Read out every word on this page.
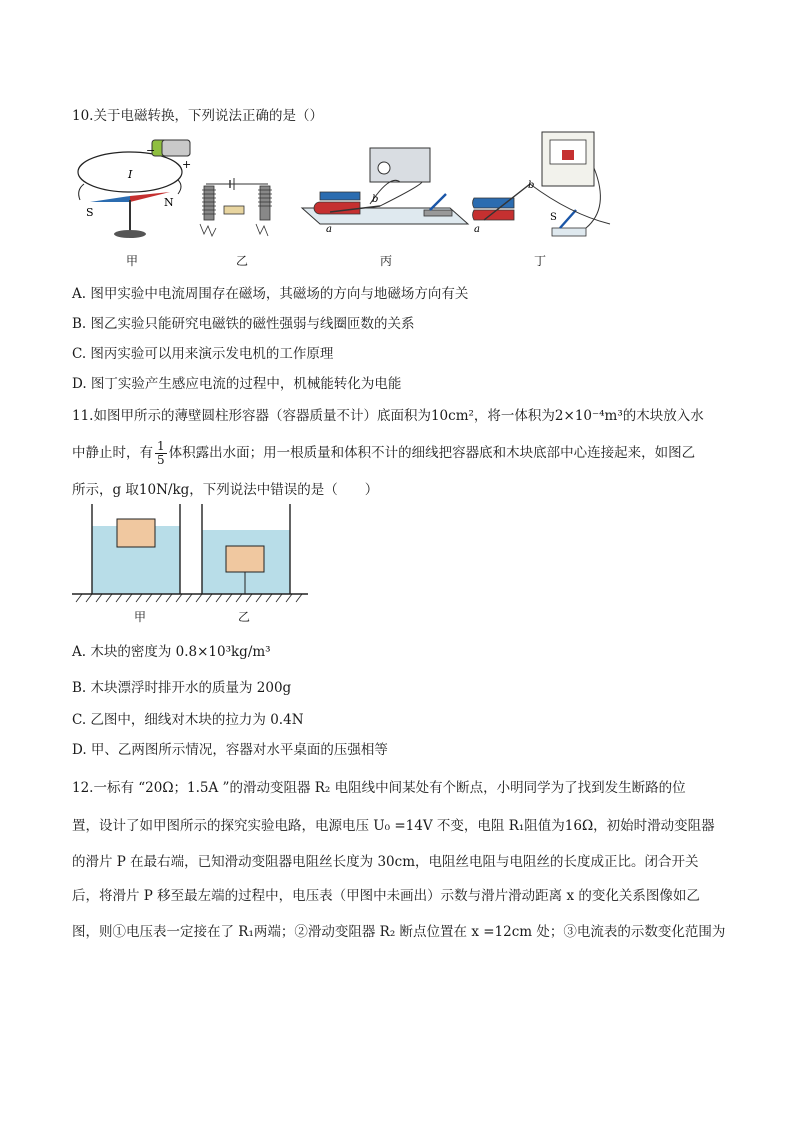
10.关于电磁转换，下列说法正确的是（）
−
+
I
S
N
甲	乙
b
a
丙
b
a
S
丁
A. 图甲实验中电流周围存在磁场，其磁场的方向与地磁场方向有关
B. 图乙实验只能研究电磁铁的磁性强弱与线圈匝数的关系
C. 图丙实验可以用来演示发电机的工作原理
D. 图丁实验产生感应电流的过程中，机械能转化为电能
11.如图甲所示的薄壁圆柱形容器（容器质量不计）底面积为10cm²，将一体积为2×10⁻⁴m³的木块放入水
中静止时，有 $\frac{1}{5}$ 体积露出水面；用一根质量和体积不计的细线把容器底和木块底部中心连接起来，如图乙
所示，g 取10N/kg，下列说法中错误的是（　　）
甲	乙
A. 木块的密度为 0.8×10³kg/m³
B. 木块漂浮时排开水的质量为 200g
C. 乙图中，细线对木块的拉力为 0.4N
D. 甲、乙两图所示情况，容器对水平桌面的压强相等
12.一标有 “20Ω；1.5A ”的滑动变阻器 R₂ 电阻线中间某处有个断点，小明同学为了找到发生断路的位
置，设计了如甲图所示的探究实验电路，电源电压 U₀ =14V 不变，电阻 R₁阻值为16Ω，初始时滑动变阻器
的滑片 P 在最右端，已知滑动变阻器电阻丝长度为 30cm，电阻丝电阻与电阻丝的长度成正比。闭合开关
后，将滑片 P 移至最左端的过程中，电压表（甲图中未画出）示数与滑片滑动距离 x 的变化关系图像如乙
图，则①电压表一定接在了 R₁两端；②滑动变阻器 R₂ 断点位置在 x =12cm 处；③电流表的示数变化范围为
